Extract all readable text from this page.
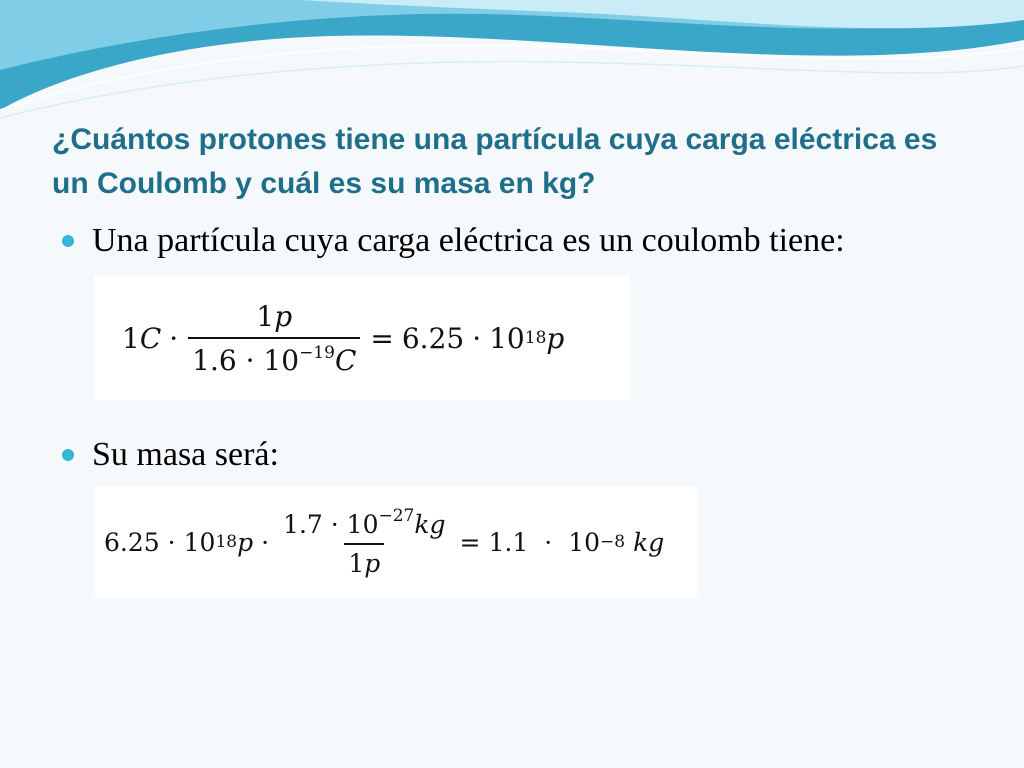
¿Cuántos protones tiene una partícula cuya carga eléctrica es un Coulomb y cuál es su masa en kg?
Una partícula cuya carga eléctrica es un coulomb tiene:
1 $C \cdot \frac{1p}{1.6 \cdot 10^{-19}C} = 6.25 \cdot 10$ 18 p
Su masa será:
6.25 · 10 18 $p \cdot \frac{1.7 \cdot 10^{-27}kg}{1p} = 1.1 \cdot 10 -8$ kg
